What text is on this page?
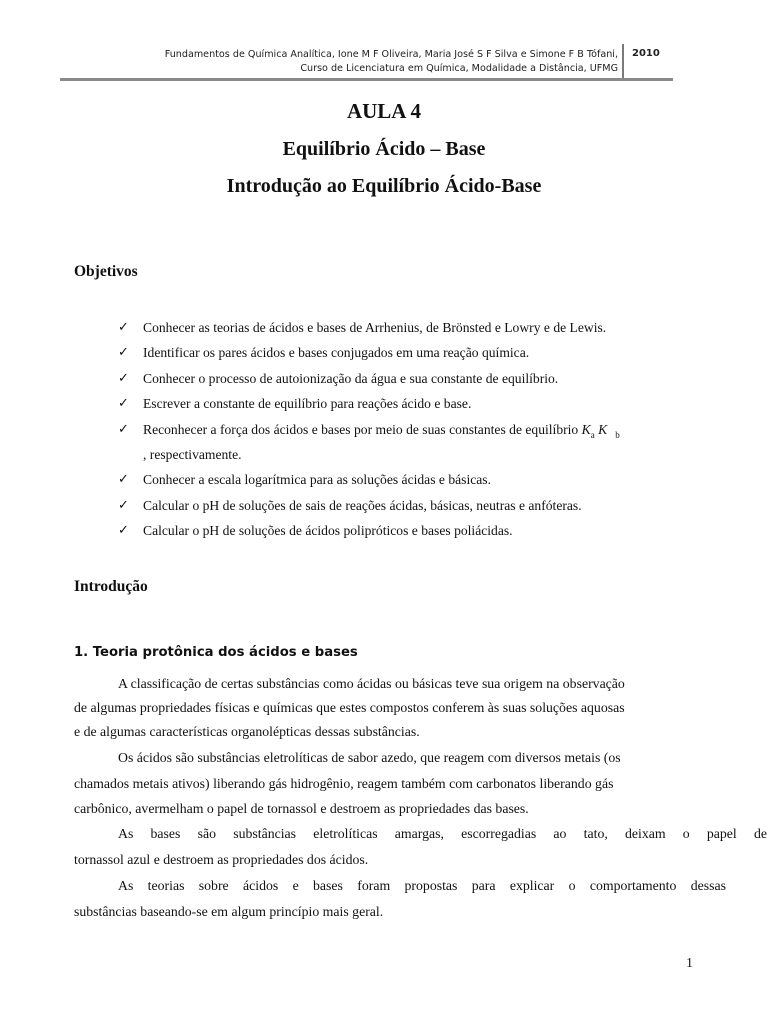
Fundamentos de Química Analítica, Ione M F Oliveira, Maria José S F Silva e Simone F B Tófani,
Curso de Licenciatura em Química, Modalidade a Distância, UFMG
2010
AULA 4
Equilíbrio Ácido – Base
Introdução ao Equilíbrio Ácido-Base
Objetivos
✓	Conhecer as teorias de ácidos e bases de Arrhenius, de Brönsted e Lowry e de Lewis.
✓	Identificar os pares ácidos e bases conjugados em uma reação química.
✓	Conhecer o processo de autoionização da água e sua constante de equilíbrio.
✓	Escrever a constante de equilíbrio para reações ácido e base.
✓	Reconhecer a força dos ácidos e bases por meio de suas constantes de equilíbrio $K_a$ K $_b$
, respectivamente.
✓	Conhecer a escala logarítmica para as soluções ácidas e básicas.
✓	Calcular o pH de soluções de sais de reações ácidas, básicas, neutras e anfóteras.
✓	Calcular o pH de soluções de ácidos polipróticos e bases poliácidas.
Introdução
1. Teoria protônica dos ácidos e bases
A classificação de certas substâncias como ácidas ou básicas teve sua origem na observação
de algumas propriedades físicas e químicas que estes compostos conferem às suas soluções aquosas
e de algumas características organolépticas dessas substâncias.
Os ácidos são substâncias eletrolíticas de sabor azedo, que reagem com diversos metais (os
chamados metais ativos) liberando gás hidrogênio, reagem também com carbonatos liberando gás
carbônico, avermelham o papel de tornassol e destroem as propriedades das bases.
As bases são substâncias eletrolíticas amargas, escorregadias ao tato, deixam o papel de
tornassol azul e destroem as propriedades dos ácidos.
As teorias sobre ácidos e bases foram propostas para explicar o comportamento dessas
substâncias baseando-se em algum princípio mais geral.
1
